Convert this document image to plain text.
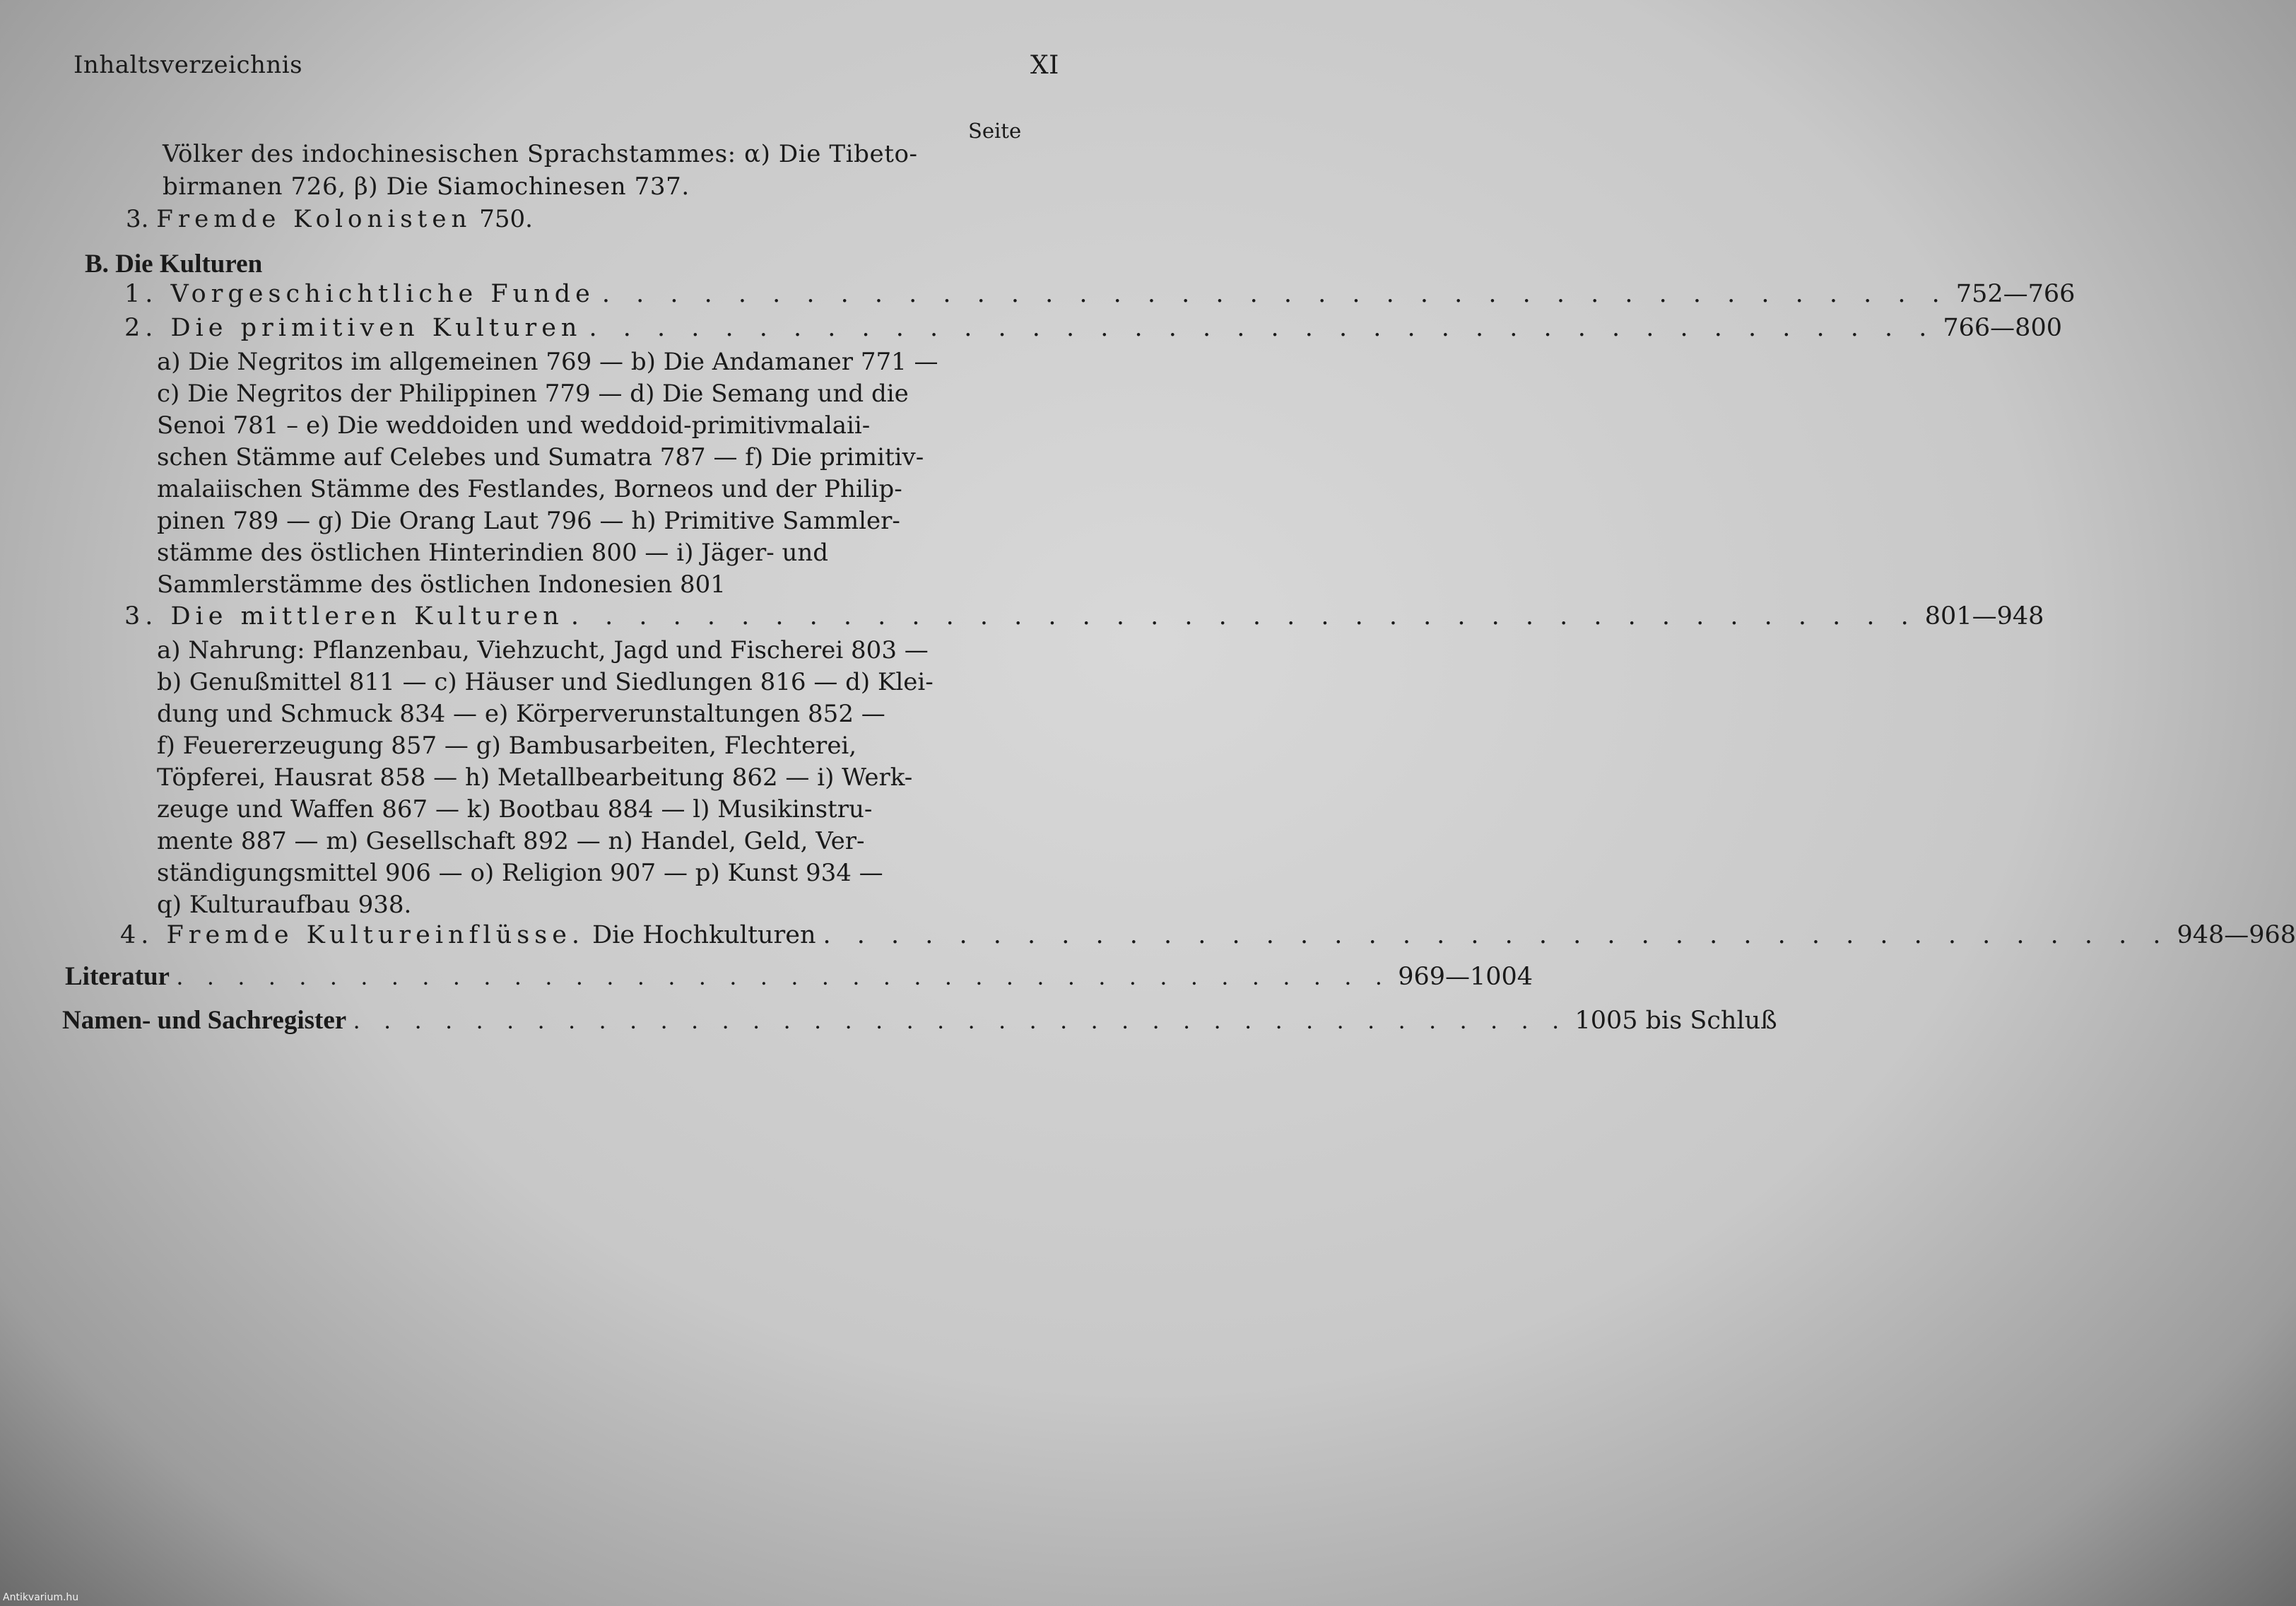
Inhaltsverzeichnis	XI
Seite
Völker des indochinesischen Sprachstammes: α) Die Tibeto-
birmanen 726, β) Die Siamochinesen 737.
3. Fremde Kolonisten 750.
B. Die Kulturen
1. Vorgeschichtliche Funde . . . . . . . . . . . . . . . . . . . . . . . . . . . . . . . . . . . . . . . . 752—766
2. Die primitiven Kulturen . . . . . . . . . . . . . . . . . . . . . . . . . . . . . . . . . . . . . . . . 766—800
a) Die Negritos im allgemeinen 769 — b) Die Andamaner 771 —
c) Die Negritos der Philippinen 779 — d) Die Semang und die
Senoi 781 – e) Die weddoiden und weddoid-primitivmalaii-
schen Stämme auf Celebes und Sumatra 787 — f) Die primitiv-
malaiischen Stämme des Festlandes, Borneos und der Philip-
pinen 789 — g) Die Orang Laut 796 — h) Primitive Sammler-
stämme des östlichen Hinterindien 800 — i) Jäger- und
Sammlerstämme des östlichen Indonesien 801
3. Die mittleren Kulturen . . . . . . . . . . . . . . . . . . . . . . . . . . . . . . . . . . . . . . . . 801—948
a) Nahrung: Pflanzenbau, Viehzucht, Jagd und Fischerei 803 —
b) Genußmittel 811 — c) Häuser und Siedlungen 816 — d) Klei-
dung und Schmuck 834 — e) Körperverunstaltungen 852 —
f) Feuererzeugung 857 — g) Bambusarbeiten, Flechterei,
Töpferei, Hausrat 858 — h) Metallbearbeitung 862 — i) Werk-
zeuge und Waffen 867 — k) Bootbau 884 — l) Musikinstru-
mente 887 — m) Gesellschaft 892 — n) Handel, Geld, Ver-
ständigungsmittel 906 — o) Religion 907 — p) Kunst 934 —
q) Kulturaufbau 938.
4. Fremde Kultureinflüsse. Die Hochkulturen . . . . . . . . . . . . . . . . . . . . . . . . . . . . . . . . . . . . . . . . 948—968
Literatur . . . . . . . . . . . . . . . . . . . . . . . . . . . . . . . . . . . . . . . . 969—1004
Namen- und Sachregister . . . . . . . . . . . . . . . . . . . . . . . . . . . . . . . . . . . . . . . . 1005 bis Schluß
Antikvarium.hu
